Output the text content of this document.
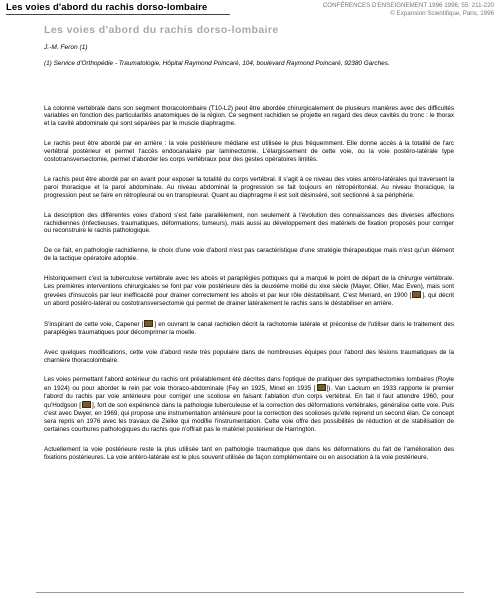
Les voies d'abord du rachis dorso-lombaire	CONFÉRENCES D'ENSEIGNEMENT 1996 1996; 55: 211-220
© Expansion Scientifique, Paris, 1996
Les voies d'abord du rachis dorso-lombaire
J.-M. Feron (1)
(1) Service d'Orthopédie - Traumatologie, Hôpital Raymond Poincaré, 104, boulevard Raymond Poincaré, 92380 Garches.

La colonne vertébrale dans son segment thoracolombaire (T10-L2) peut être abordée chirurgicalement de plusieurs manières avec des difficultés variables en fonction des particularités anatomiques de la région. Ce segment rachidien se projette en regard des deux cavités du tronc : le thorax et la cavité abdominale qui sont séparées par le muscle diaphragme.

Le rachis peut être abordé par en arrière : la voie postérieure médiane est utilisée le plus fréquemment. Elle donne accès à la totalité de l'arc vertébral postérieur et permet l'accès endocanalaire par laminectomie. L'élargissement de cette voie, ou la voie postéro-latérale type costotransversectomie, permet d'aborder les corps vertébraux pour des gestes opératoires limités.

Le rachis peut être abordé par en avant pour exposer la totalité du corps vertébral. Il s'agit à ce niveau des voies antéro-latérales qui traversent la paroi thoracique et la paroi abdominale. Au niveau abdominal la progression se fait toujours en rétropéritonéal. Au niveau thoracique, la progression peut se faire en rétropleural ou en transpleural. Quant au diaphragme il est soit désinséré, soit sectionné à sa périphérie.

La description des différentes voies d'abord s'est faite parallèlement, non seulement à l'évolution des connaissances des diverses affections rachidiennes (infectieuses, traumatiques, déformations, tumeurs), mais aussi au développement des matériels de fixation proposés pour corriger ou reconstruire le rachis pathologique.

De ce fait, en pathologie rachidienne, le choix d'une voie d'abord n'est pas caractéristique d'une stratégie thérapeutique mais n'est qu'un élément de la tactique opératoire adoptée.

Historiquement c'est la tuberculose vertébrale avec les abcès et paraplégies pottiques qui a marqué le point de départ de la chirurgie vertébrale. Les premières interventions chirurgicales se font par voie postérieure dès la deuxième moitié du xixe siècle (Mayer, Ollier, Mac Even), mais sont grevées d'insuccès par leur inefficacité pour drainer correctement les abcès et par leur rôle déstabilisant. C'est Menard, en 1900 [ ], qui décrit un abord postéro-latéral ou costotransversectomie qui permet de drainer latéralement le rachis sans le déstabiliser en arrière.

S'inspirant de cette voie, Capener [ ] en ouvrant le canal rachidien décrit la rachotomie latérale et préconise de l'utiliser dans le traitement des paraplégies traumatiques pour décomprimer la moelle.

Avec quelques modifications, cette voie d'abord reste très populaire dans de nombreuses équipes pour l'abord des lésions traumatiques de la charnière thoracolombaire.

Les voies permettant l'abord antérieur du rachis ont préalablement été décrites dans l'optique de pratiquer des sympathectomies lombaires (Royle en 1924) ou pour aborder le rein par voie thoraco-abdominale (Fey en 1925, Minet en 1935 [ ]). Van Lackum en 1933 rapporte le premier l'abord du rachis par voie antérieure pour corriger une scoliose en faisant l'ablation d'un corps vertébral. En fait il faut attendre 1960, pour qu'Hodgson [ ], fort de son expérience dans la pathologie tuberculeuse et la correction des déformations vertébrales, généralise cette voie. Puis c'est avec Dwyer, en 1969, qui propose une instrumentation antérieure pour la correction des scolioses qu'elle reprend un second élan. Ce concept sera repris en 1976 avec les travaux de Zielke qui modifie l'instrumentation. Cette voie offre des possibilités de réduction et de stabilisation de certaines courbures pathologiques du rachis que n'offrait pas le matériel postérieur de Harrington.

Actuellement la voie postérieure reste la plus utilisée tant en pathologie traumatique que dans les déformations du fait de l'amélioration des fixations postérieures. La voie antéro-latérale est le plus souvent utilisée de façon complémentaire ou en association à la voie postérieure.
